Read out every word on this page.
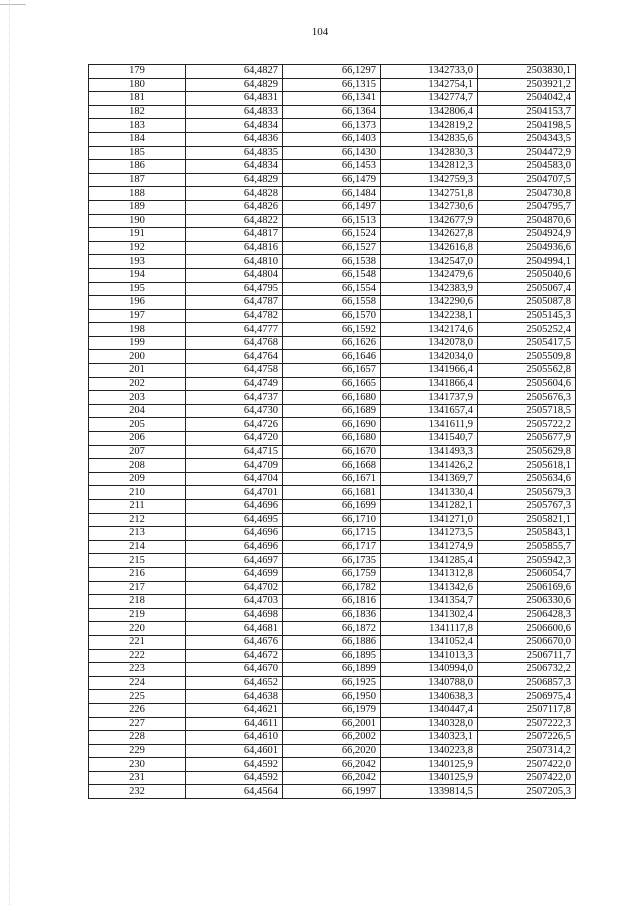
104
179	64,4827	66,1297	1342733,0	2503830,1
180	64,4829	66,1315	1342754,1	2503921,2
181	64,4831	66,1341	1342774,7	2504042,4
182	64,4833	66,1364	1342806,4	2504153,7
183	64,4834	66,1373	1342819,2	2504198,5
184	64,4836	66,1403	1342835,6	2504343,5
185	64,4835	66,1430	1342830,3	2504472,9
186	64,4834	66,1453	1342812,3	2504583,0
187	64,4829	66,1479	1342759,3	2504707,5
188	64,4828	66,1484	1342751,8	2504730,8
189	64,4826	66,1497	1342730,6	2504795,7
190	64,4822	66,1513	1342677,9	2504870,6
191	64,4817	66,1524	1342627,8	2504924,9
192	64,4816	66,1527	1342616,8	2504936,6
193	64,4810	66,1538	1342547,0	2504994,1
194	64,4804	66,1548	1342479,6	2505040,6
195	64,4795	66,1554	1342383,9	2505067,4
196	64,4787	66,1558	1342290,6	2505087,8
197	64,4782	66,1570	1342238,1	2505145,3
198	64,4777	66,1592	1342174,6	2505252,4
199	64,4768	66,1626	1342078,0	2505417,5
200	64,4764	66,1646	1342034,0	2505509,8
201	64,4758	66,1657	1341966,4	2505562,8
202	64,4749	66,1665	1341866,4	2505604,6
203	64,4737	66,1680	1341737,9	2505676,3
204	64,4730	66,1689	1341657,4	2505718,5
205	64,4726	66,1690	1341611,9	2505722,2
206	64,4720	66,1680	1341540,7	2505677,9
207	64,4715	66,1670	1341493,3	2505629,8
208	64,4709	66,1668	1341426,2	2505618,1
209	64,4704	66,1671	1341369,7	2505634,6
210	64,4701	66,1681	1341330,4	2505679,3
211	64,4696	66,1699	1341282,1	2505767,3
212	64,4695	66,1710	1341271,0	2505821,1
213	64,4696	66,1715	1341273,5	2505843,1
214	64,4696	66,1717	1341274,9	2505855,7
215	64,4697	66,1735	1341285,4	2505942,3
216	64,4699	66,1759	1341312,8	2506054,7
217	64,4702	66,1782	1341342,6	2506169,6
218	64,4703	66,1816	1341354,7	2506330,6
219	64,4698	66,1836	1341302,4	2506428,3
220	64,4681	66,1872	1341117,8	2506600,6
221	64,4676	66,1886	1341052,4	2506670,0
222	64,4672	66,1895	1341013,3	2506711,7
223	64,4670	66,1899	1340994,0	2506732,2
224	64,4652	66,1925	1340788,0	2506857,3
225	64,4638	66,1950	1340638,3	2506975,4
226	64,4621	66,1979	1340447,4	2507117,8
227	64,4611	66,2001	1340328,0	2507222,3
228	64,4610	66,2002	1340323,1	2507226,5
229	64,4601	66,2020	1340223,8	2507314,2
230	64,4592	66,2042	1340125,9	2507422,0
231	64,4592	66,2042	1340125,9	2507422,0
232	64,4564	66,1997	1339814,5	2507205,3
